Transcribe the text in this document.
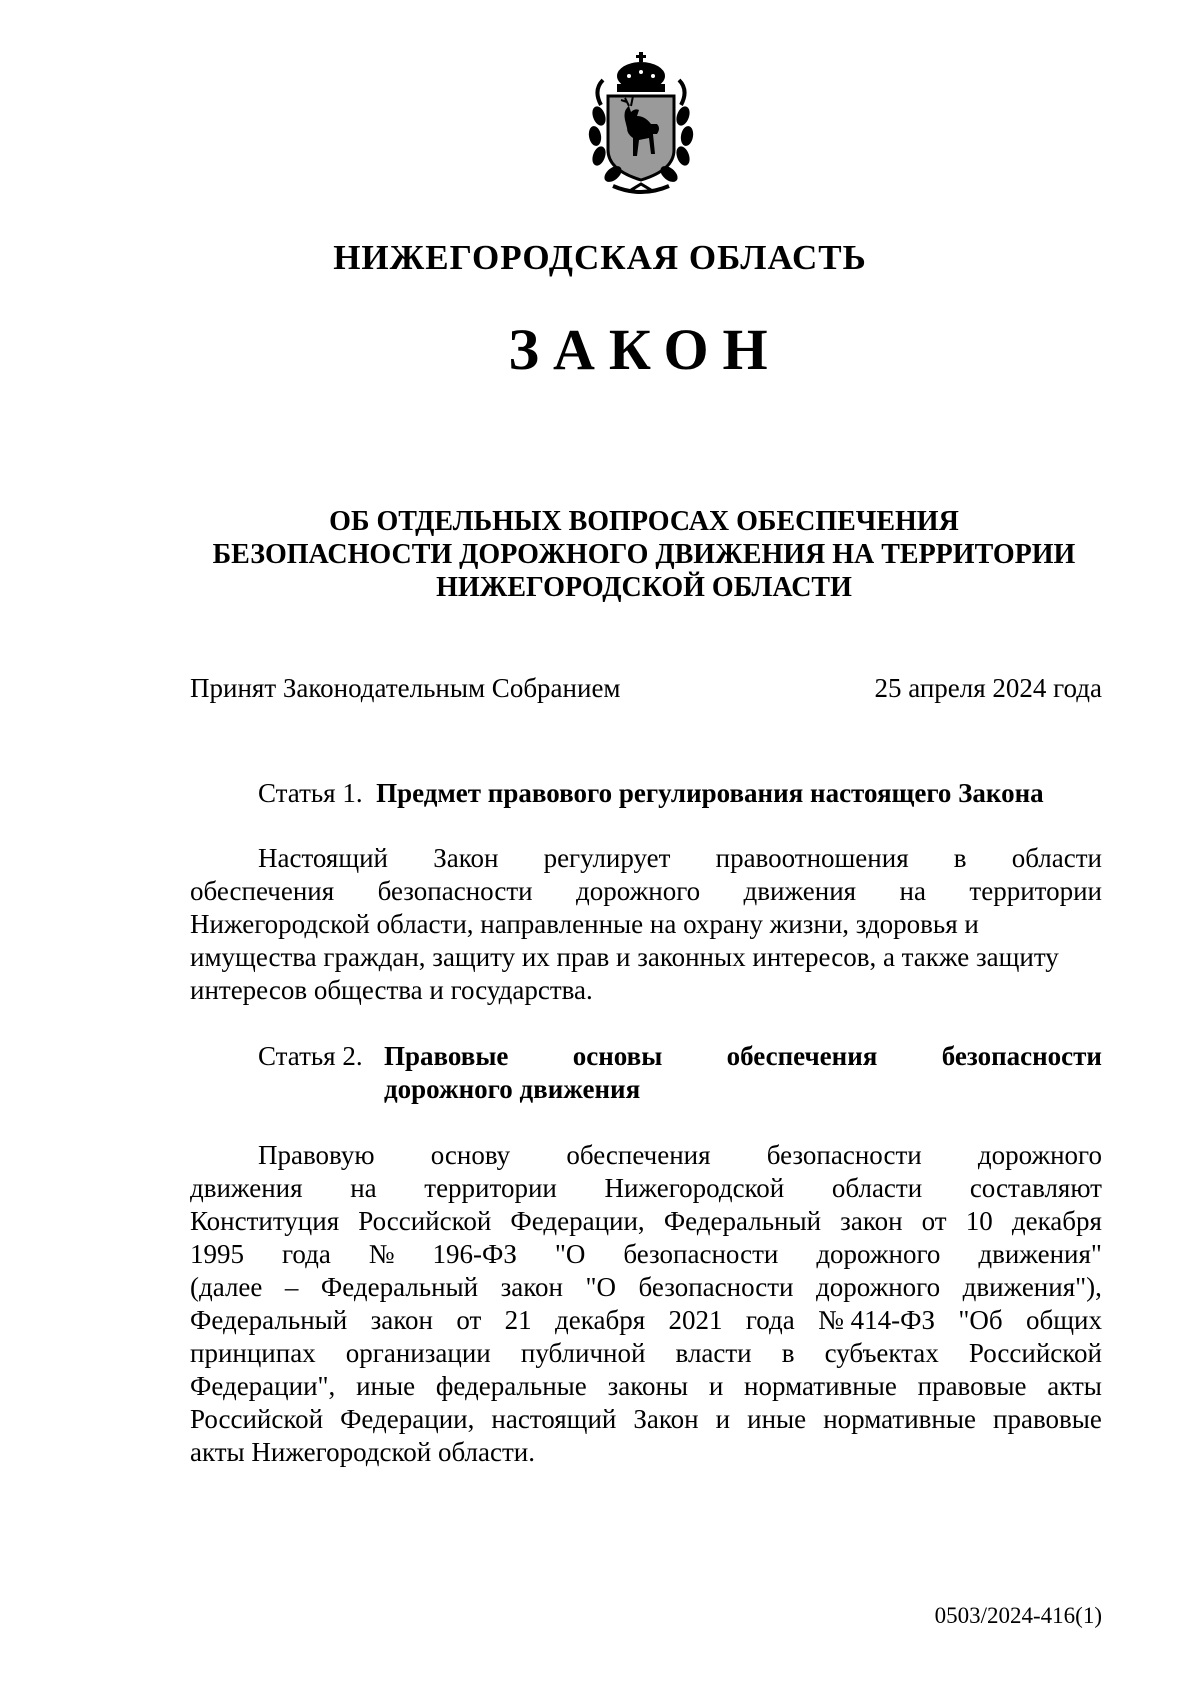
НИЖЕГОРОДСКАЯ ОБЛАСТЬ
ЗАКОН
ОБ ОТДЕЛЬНЫХ ВОПРОСАХ ОБЕСПЕЧЕНИЯ
БЕЗОПАСНОСТИ ДОРОЖНОГО ДВИЖЕНИЯ НА ТЕРРИТОРИИ
НИЖЕГОРОДСКОЙ ОБЛАСТИ
Принят Законодательным Собранием	25 апреля 2024 года
Статья 1. Предмет правового регулирования настоящего Закона
Настоящий Закон регулирует правоотношения в области
обеспечения безопасности дорожного движения на территории
Нижегородской области, направленные на охрану жизни, здоровья и
имущества граждан, защиту их прав и законных интересов, а также защиту
интересов общества и государства.
Статья 2. Правовые основы обеспечения безопасности
дорожного движения
Правовую основу обеспечения безопасности дорожного
движения на территории Нижегородской области составляют
Конституция Российской Федерации, Федеральный закон от 10 декабря
1995 года № 196-ФЗ "О безопасности дорожного движения"
(далее – Федеральный закон "О безопасности дорожного движения"),
Федеральный закон от 21 декабря 2021 года № 414-ФЗ "Об общих
принципах организации публичной власти в субъектах Российской
Федерации", иные федеральные законы и нормативные правовые акты
Российской Федерации, настоящий Закон и иные нормативные правовые
акты Нижегородской области.
0503/2024-416(1)
